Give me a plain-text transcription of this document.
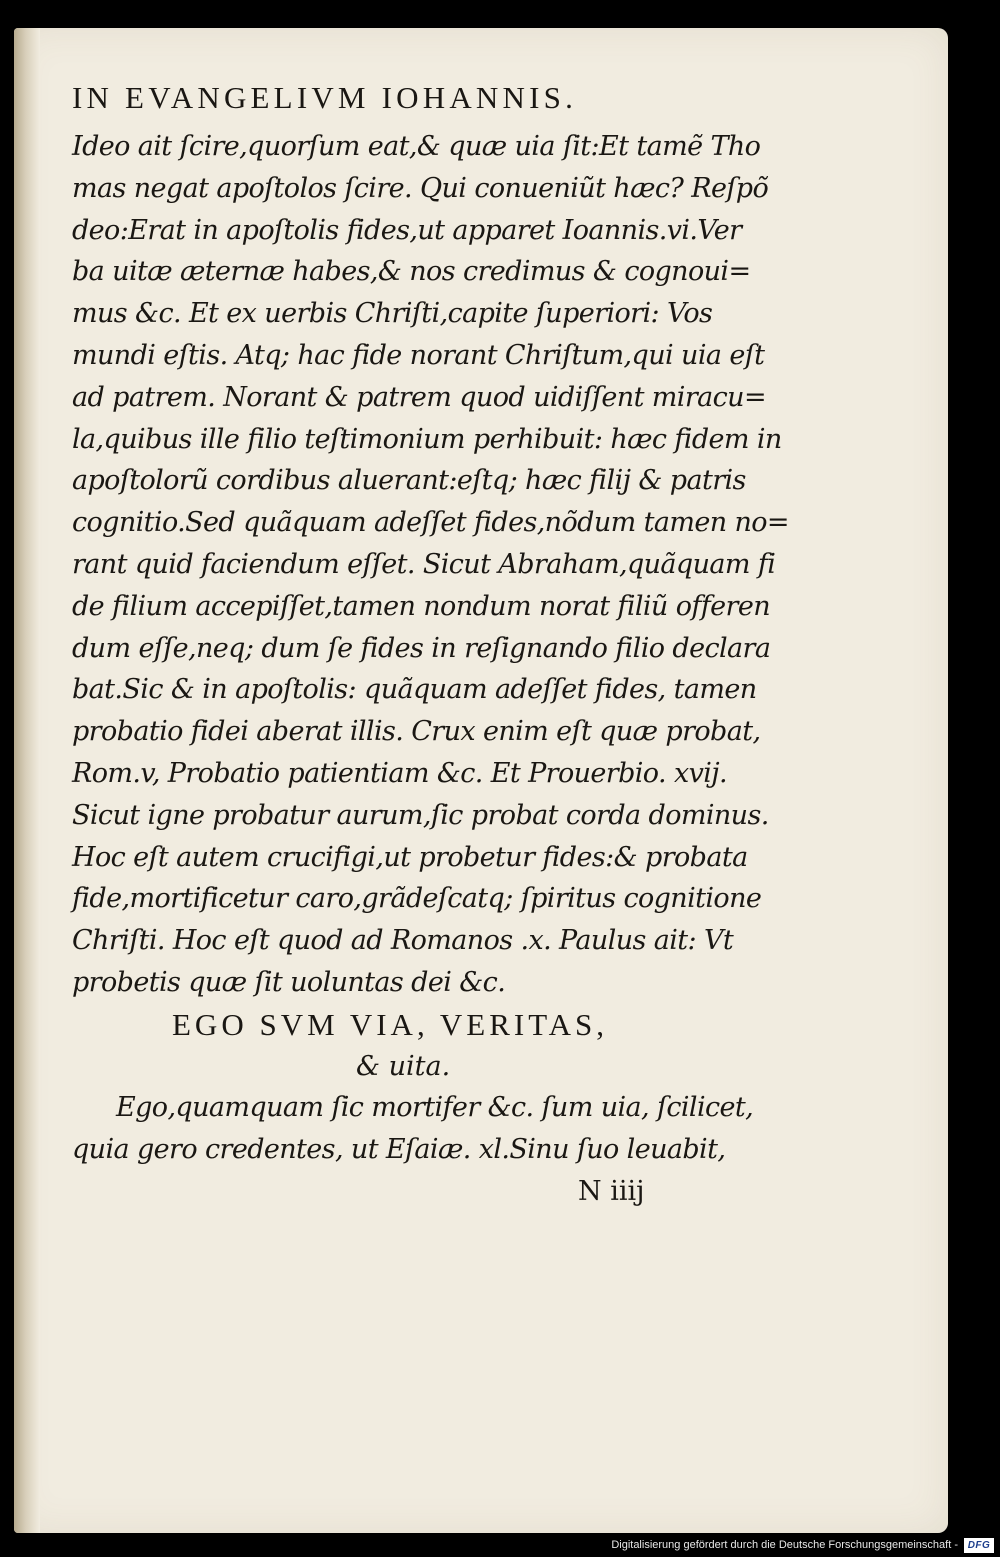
IN EVANGELIVM IOHANNIS.
Ideo ait ſcire,quorſum eat,& quæ uia ſit:Et tamẽ Tho
mas negat apoſtolos ſcire. Qui conueniũt hæc? Reſpõ
deo:Erat in apoſtolis fides,ut apparet Ioannis.vi.Ver
ba uitæ æternæ habes,& nos credimus & cognoui=
mus &c. Et ex uerbis Chriſti,capite ſuperiori: Vos
mundi eſtis. Atq; hac fide norant Chriſtum,qui uia eſt
ad patrem. Norant & patrem quod uidiſſent miracu=
la,quibus ille filio teſtimonium perhibuit: hæc fidem in
apoſtolorũ cordibus aluerant:eſtq; hæc filij & patris
cognitio.Sed quãquam adeſſet fides,nõdum tamen no=
rant quid faciendum eſſet. Sicut Abraham,quãquam fi
de filium accepiſſet,tamen nondum norat filiũ offeren
dum eſſe,neq; dum ſe fides in reſignando filio declara
bat.Sic & in apoſtolis: quãquam adeſſet fides, tamen
probatio fidei aberat illis. Crux enim eſt quæ probat,
Rom.v, Probatio patientiam &c. Et Prouerbio. xvij.
Sicut igne probatur aurum,ſic probat corda dominus.
Hoc eſt autem crucifigi,ut probetur fides:& probata
fide,mortificetur caro,grãdeſcatq; ſpiritus cognitione
Chriſti. Hoc eſt quod ad Romanos .x. Paulus ait: Vt
probetis quæ ſit uoluntas dei &c.
EGO SVM VIA, VERITAS,
& uita.
Ego,quamquam ſic mortifer &c. ſum uia, ſcilicet,
quia gero credentes, ut Eſaiæ. xl.Sinu ſuo leuabit,
N iiij
Digitalisierung gefördert durch die Deutsche Forschungsgemeinschaft - DFG
